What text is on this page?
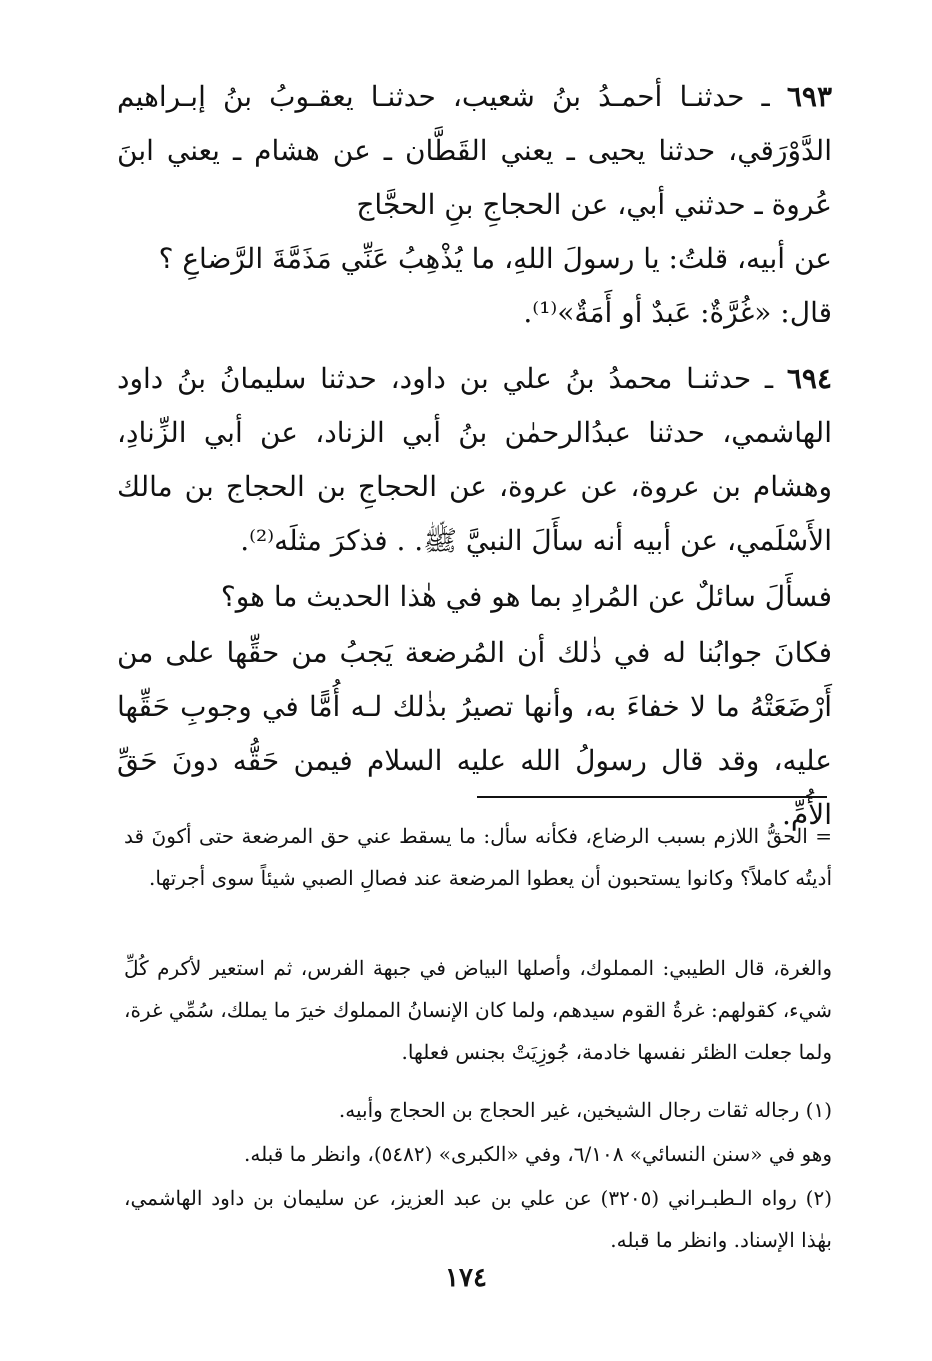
٦٩٣ ـ حدثنـا أحمـدُ بنُ شعيب، حدثنـا يعقـوبُ بنُ إبـراهيم الدَّوْرَقي، حدثنا يحيى ـ يعني القَطَّان ـ عن هشام ـ يعني ابنَ عُروة ـ حدثني أبي، عن الحجاجِ بنِ الحجَّاج

عن أبيه، قلتُ: يا رسولَ اللهِ، ما يُذْهِبُ عَنِّي مَذَمَّةَ الرَّضاعِ ؟

قال: «غُرَّةٌ: عَبدٌ أو أَمَةٌ»⁽¹⁾.

٦٩٤ ـ حدثنـا محمدُ بنُ علي بن داود، حدثنا سليمانُ بنُ داود الهاشمي، حدثنا عبدُالرحمٰن بنُ أبي الزناد، عن أبي الزِّنادِ، وهشام بن عروة، عن عروة، عن الحجاجِ بن الحجاج بن مالك الأَسْلَمي، عن أبيه أنه سأَلَ النبيَّ ﷺ. . فذكرَ مثلَه⁽²⁾.

فسأَلَ سائلٌ عن المُرادِ بما هو في هٰذا الحديث ما هو؟

فكانَ جوابُنا له في ذٰلك أن المُرضعة يَجبُ من حقِّها على من أَرْضَعَتْهُ ما لا خفاءَ به، وأنها تصيرُ بذٰلك لـه أُمًّا في وجوبِ حَقِّها عليه، وقد قال رسولُ الله عليه السلام فيمن حَقُّه دونَ حَقِّ الأُمِّ.

= الحقُّ اللازم بسبب الرضاع، فكأنه سأل: ما يسقط عني حق المرضعة حتى أكونَ قد أديتُه كاملاً؟ وكانوا يستحبون أن يعطوا المرضعة عند فصالِ الصبي شيئاً سوى أجرتها.

والغرة، قال الطيبي: المملوك، وأصلها البياض في جبهة الفرس، ثم استعير لأكرم كُلِّ شيء، كقولهم: غرةُ القوم سيدهم، ولما كان الإنسانُ المملوك خيرَ ما يملك، سُمِّي غرة، ولما جعلت الظئر نفسها خادمة، جُوزِيَتْ بجنس فعلها.

(١) رجاله ثقات رجال الشيخين، غير الحجاج بن الحجاج وأبيه.

وهو في «سنن النسائي» ٦/١٠٨، وفي «الكبرى» (٥٤٨٢)، وانظر ما قبله.

(٢) رواه الـطبـراني (٣٢٠٥) عن علي بن عبد العزيز، عن سليمان بن داود الهاشمي، بهٰذا الإسناد. وانظر ما قبله.

١٧٤
